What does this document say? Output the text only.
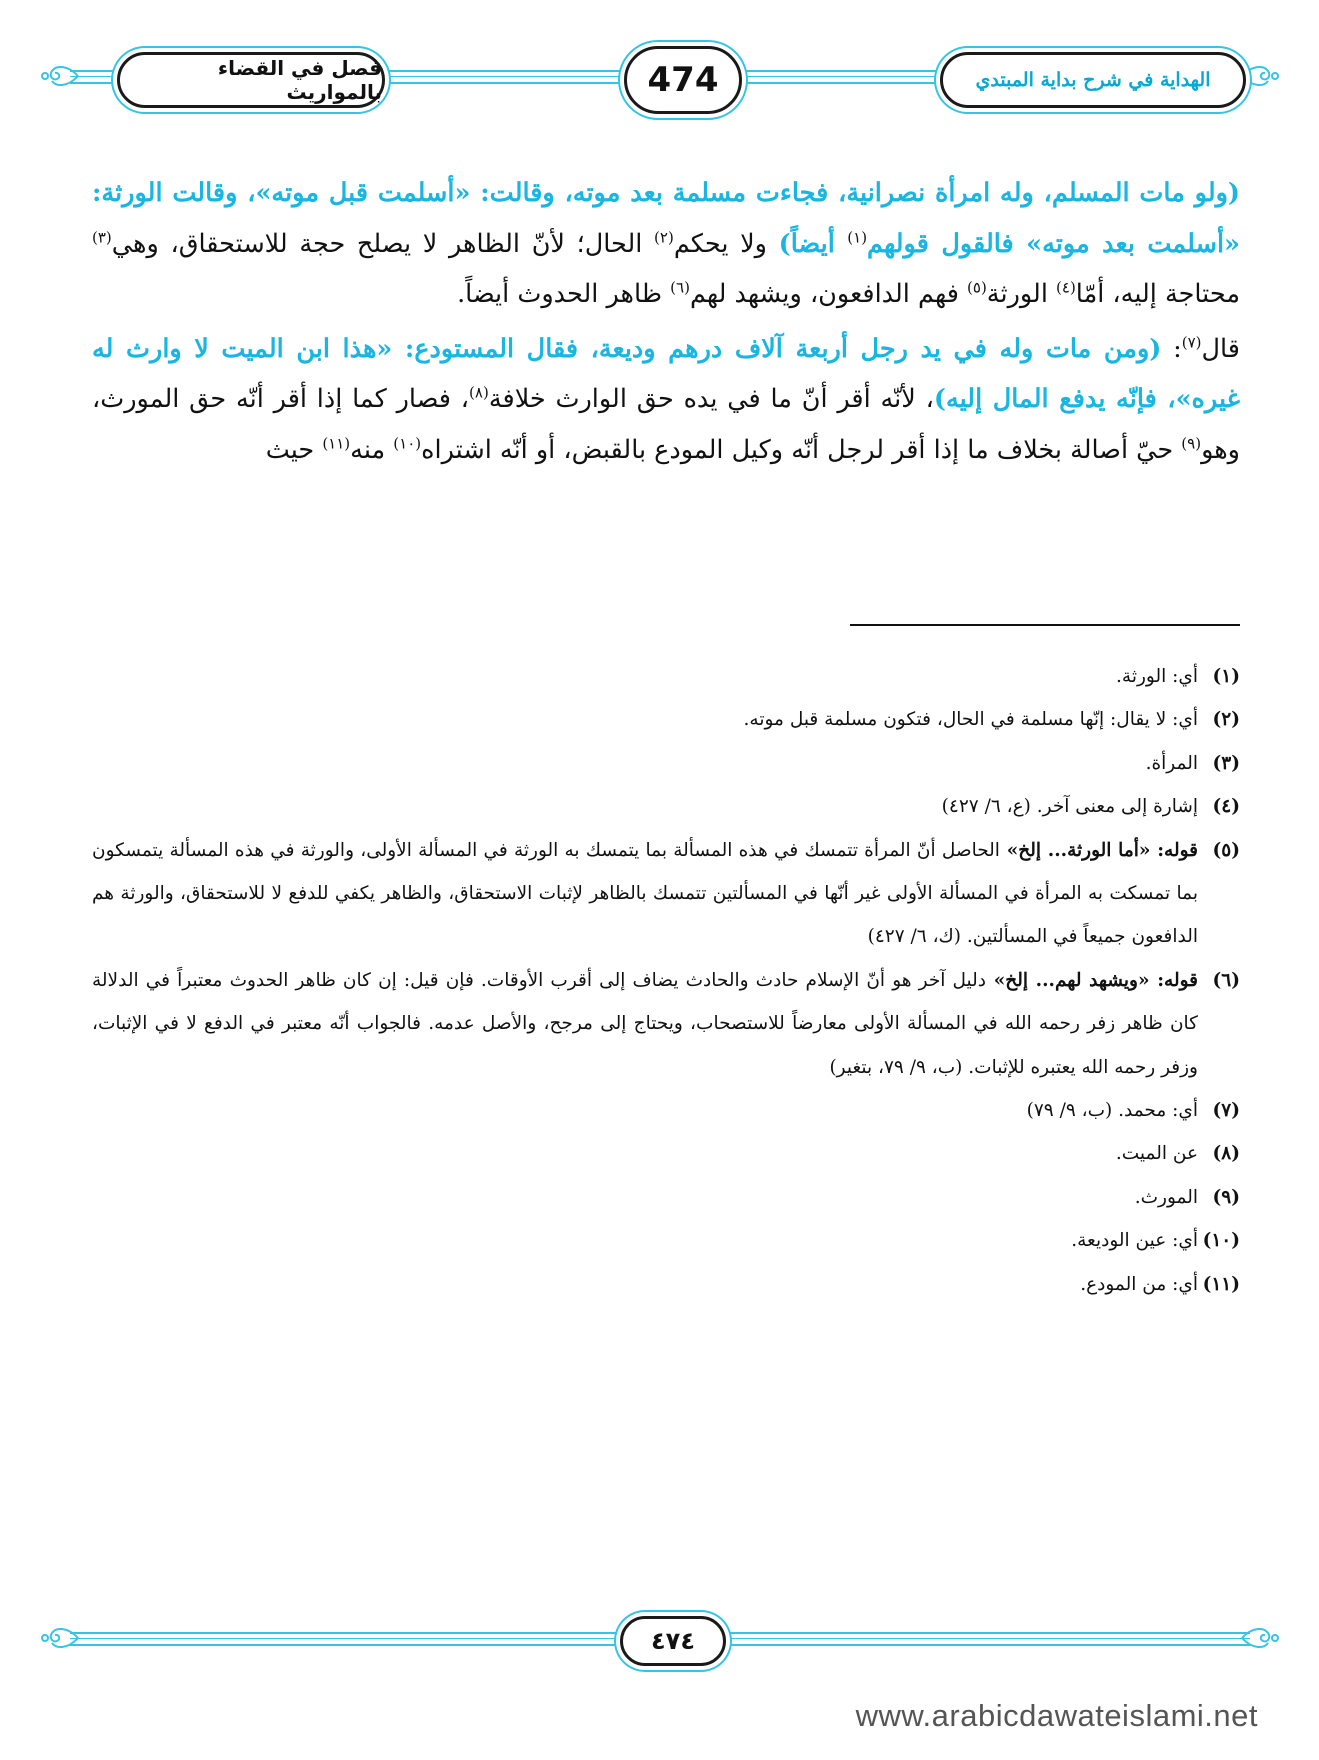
فصل في القضاء بالمواريث	474	الهداية في شرح بداية المبتدي

(ولو مات المسلم، وله امرأة نصرانية، فجاءت مسلمة بعد موته، وقالت: «أسلمت قبل موته»، وقالت الورثة: «أسلمت بعد موته» فالقول قولهم$^{(١)}$ أيضاً) ولا يحكم$^{(٢)}$ الحال؛ لأنّ الظاهر لا يصلح حجة للاستحقاق، وهي$^{(٣)}$ محتاجة إليه، أمّا$^{(٤)}$ الورثة$^{(٥)}$ فهم الدافعون، ويشهد لهم$^{(٦)}$ ظاهر الحدوث أيضاً.

قال$^{(٧)}$: (ومن مات وله في يد رجل أربعة آلاف درهم وديعة، فقال المستودع: «هذا ابن الميت لا وارث له غيره»، فإنّه يدفع المال إليه)، لأنّه أقر أنّ ما في يده حق الوارث خلافة$^{(٨)}$، فصار كما إذا أقر أنّه حق المورث، وهو$^{(٩)}$ حيّ أصالة بخلاف ما إذا أقر لرجل أنّه وكيل المودع بالقبض، أو أنّه اشتراه$^{(١٠)}$ منه$^{(١١)}$ حيث

(١)
أي: الورثة.
(٢)
أي: لا يقال: إنّها مسلمة في الحال، فتكون مسلمة قبل موته.
(٣)
المرأة.
(٤)
إشارة إلى معنى آخر. (ع، ٦/ ٤٢٧)
(٥)
قوله: «أما الورثة... إلخ» الحاصل أنّ المرأة تتمسك في هذه المسألة بما يتمسك به الورثة في المسألة الأولى، والورثة في هذه المسألة يتمسكون بما تمسكت به المرأة في المسألة الأولى غير أنّها في المسألتين تتمسك بالظاهر لإثبات الاستحقاق، والظاهر يكفي للدفع لا للاستحقاق، والورثة هم الدافعون جميعاً في المسألتين. (ك، ٦/ ٤٢٧)
(٦)
قوله: «ويشهد لهم... إلخ» دليل آخر هو أنّ الإسلام حادث والحادث يضاف إلى أقرب الأوقات. فإن قيل: إن كان ظاهر الحدوث معتبراً في الدلالة كان ظاهر زفر رحمه الله في المسألة الأولى معارضاً للاستصحاب، ويحتاج إلى مرجح، والأصل عدمه. فالجواب أنّه معتبر في الدفع لا في الإثبات، وزفر رحمه الله يعتبره للإثبات. (ب، ٩/ ٧٩، بتغير)
(٧)
أي: محمد. (ب، ٩/ ٧٩)
(٨)
عن الميت.
(٩)
المورث.
(١٠)
أي: عين الوديعة.
(١١)
أي: من المودع.
٤٧٤
www.arabicdawateislami.net
